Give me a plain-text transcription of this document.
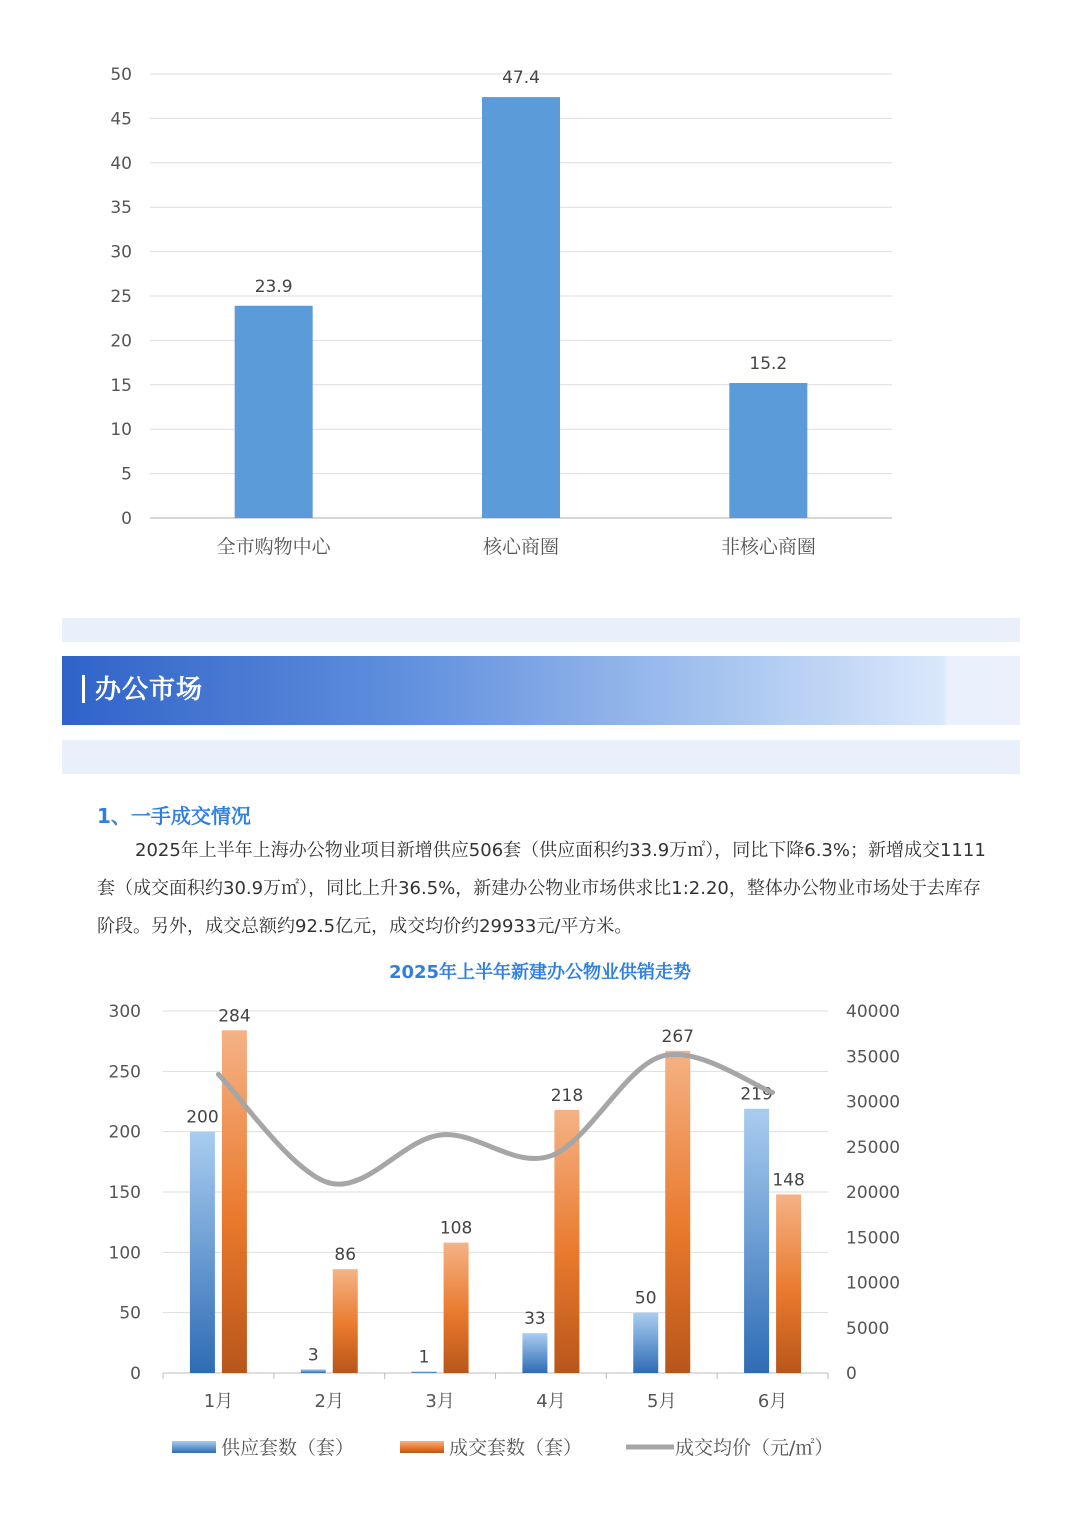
0
5
10
15
20
25
30
35
40
45
50
23.9
全市购物中心
47.4
核心商圈
15.2
非核心商圈
办公市场
1、一手成交情况

2025年上半年上海办公物业项目新增供应506套（供应面积约33.9万㎡），同比下降6.3%；新增成交1111套（成交面积约30.9万㎡），同比上升36.5%，新建办公物业市场供求比1:2.20，整体办公物业市场处于去库存阶段。另外，成交总额约92.5亿元，成交均价约29933元/平方米。

2025年上半年新建办公物业供销走势
0
50
100
150
200
250
300
0
5000
10000
15000
20000
25000
30000
35000
40000
200
3	1
33
50
219
284
86
108
218
267
148
1月	2月	3月	4月	5月	6月
供应套数（套）	成交套数（套）	成交均价（元/㎡）
